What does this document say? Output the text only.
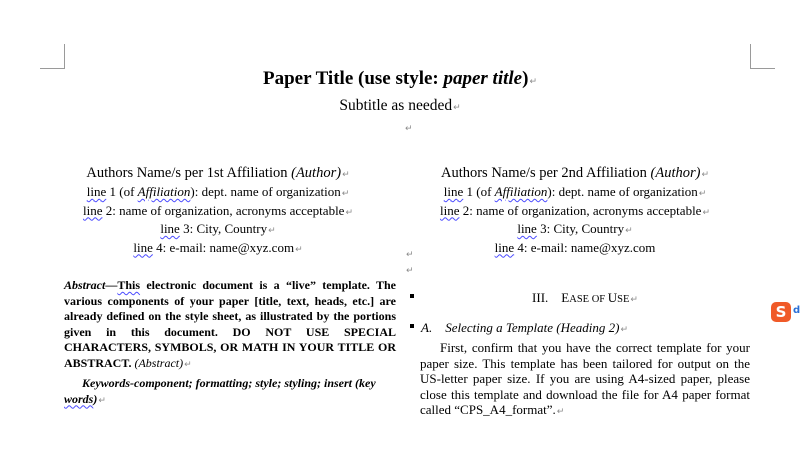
Paper Title (use style: paper title)↵
Subtitle as needed↵
↵
Authors Name/s per 1st Affiliation (Author)↵
line 1 (of Affiliation): dept. name of organization↵
line 2: name of organization, acronyms acceptable↵
line 3: City, Country↵
line 4: e-mail: name@xyz.com↵
Authors Name/s per 2nd Affiliation (Author)↵
line 1 (of Affiliation): dept. name of organization↵
line 2: name of organization, acronyms acceptable↵
line 3: City, Country↵
line 4: e-mail: name@xyz.com
Abstract—This electronic document is a “live” template. The various components of your paper [title, text, heads, etc.] are already defined on the style sheet, as illustrated by the portions given in this document. DO NOT USE SPECIAL CHARACTERS, SYMBOLS, OR MATH IN YOUR TITLE OR ABSTRACT. (Abstract)↵
Keywords-component; formatting; style; styling; insert (key
words)↵
↵
↵
III. EASE OF USE↵
A. Selecting a Template (Heading 2)↵
First, confirm that you have the correct template for your paper size. This template has been tailored for output on the US-letter paper size. If you are using A4-sized paper, please close this template and download the file for A4 paper format called “CPS_A4_format”.↵
S d
